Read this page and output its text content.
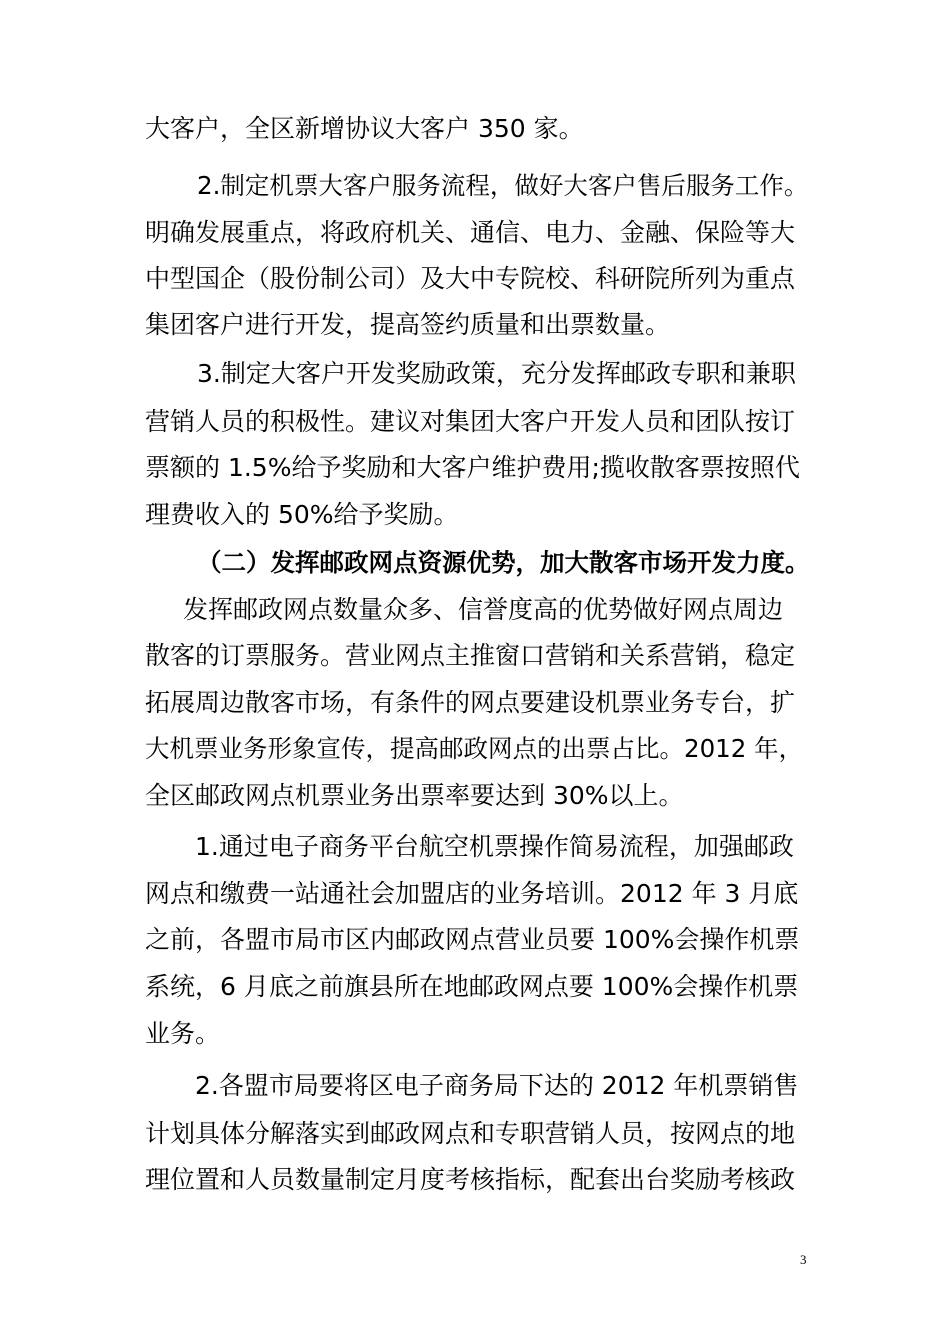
大客户，全区新增协议大客户 350 家。
2.制定机票大客户服务流程，做好大客户售后服务工作。
明确发展重点，将政府机关、通信、电力、金融、保险等大
中型国企（股份制公司）及大中专院校、科研院所列为重点
集团客户进行开发，提高签约质量和出票数量。
3.制定大客户开发奖励政策，充分发挥邮政专职和兼职
营销人员的积极性。建议对集团大客户开发人员和团队按订
票额的 1.5%给予奖励和大客户维护费用;揽收散客票按照代
理费收入的 50%给予奖励。
（二）发挥邮政网点资源优势，加大散客市场开发力度。
发挥邮政网点数量众多、信誉度高的优势做好网点周边
散客的订票服务。营业网点主推窗口营销和关系营销，稳定
拓展周边散客市场，有条件的网点要建设机票业务专台，扩
大机票业务形象宣传，提高邮政网点的出票占比。2012 年，
全区邮政网点机票业务出票率要达到 30%以上。
1.通过电子商务平台航空机票操作简易流程，加强邮政
网点和缴费一站通社会加盟店的业务培训。2012 年 3 月底
之前，各盟市局市区内邮政网点营业员要 100%会操作机票
系统，6 月底之前旗县所在地邮政网点要 100%会操作机票
业务。
2.各盟市局要将区电子商务局下达的 2012 年机票销售
计划具体分解落实到邮政网点和专职营销人员，按网点的地
理位置和人员数量制定月度考核指标，配套出台奖励考核政
3
